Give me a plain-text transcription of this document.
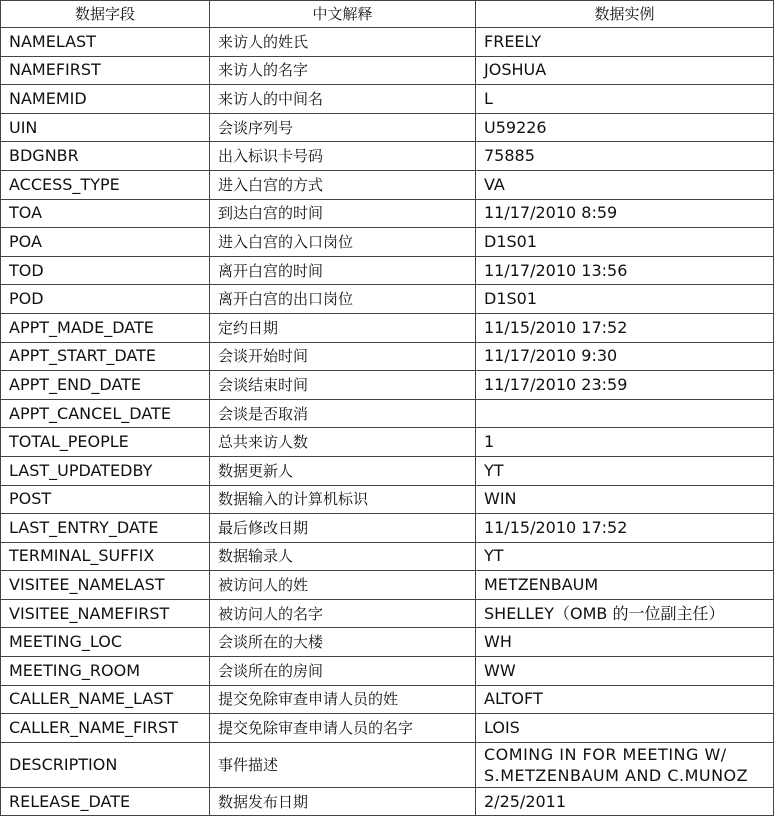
数据字段	中文解释	数据实例
NAMELAST	来访人的姓氏	FREELY
NAMEFIRST	来访人的名字	JOSHUA
NAMEMID	来访人的中间名	L
UIN	会谈序列号	U59226
BDGNBR	出入标识卡号码	75885
ACCESS_TYPE	进入白宫的方式	VA
TOA	到达白宫的时间	11/17/2010 8:59
POA	进入白宫的入口岗位	D1S01
TOD	离开白宫的时间	11/17/2010 13:56
POD	离开白宫的出口岗位	D1S01
APPT_MADE_DATE	定约日期	11/15/2010 17:52
APPT_START_DATE	会谈开始时间	11/17/2010 9:30
APPT_END_DATE	会谈结束时间	11/17/2010 23:59
APPT_CANCEL_DATE	会谈是否取消	
TOTAL_PEOPLE	总共来访人数	1
LAST_UPDATEDBY	数据更新人	YT
POST	数据输入的计算机标识	WIN
LAST_ENTRY_DATE	最后修改日期	11/15/2010 17:52
TERMINAL_SUFFIX	数据输录人	YT
VISITEE_NAMELAST	被访问人的姓	METZENBAUM
VISITEE_NAMEFIRST	被访问人的名字	SHELLEY（OMB 的一位副主任）
MEETING_LOC	会谈所在的大楼	WH
MEETING_ROOM	会谈所在的房间	WW
CALLER_NAME_LAST	提交免除审查申请人员的姓	ALTOFT
CALLER_NAME_FIRST	提交免除审查申请人员的名字	LOIS
DESCRIPTION	事件描述	COMING IN FOR MEETING W/ S.METZENBAUM AND C.MUNOZ
RELEASE_DATE	数据发布日期	2/25/2011
